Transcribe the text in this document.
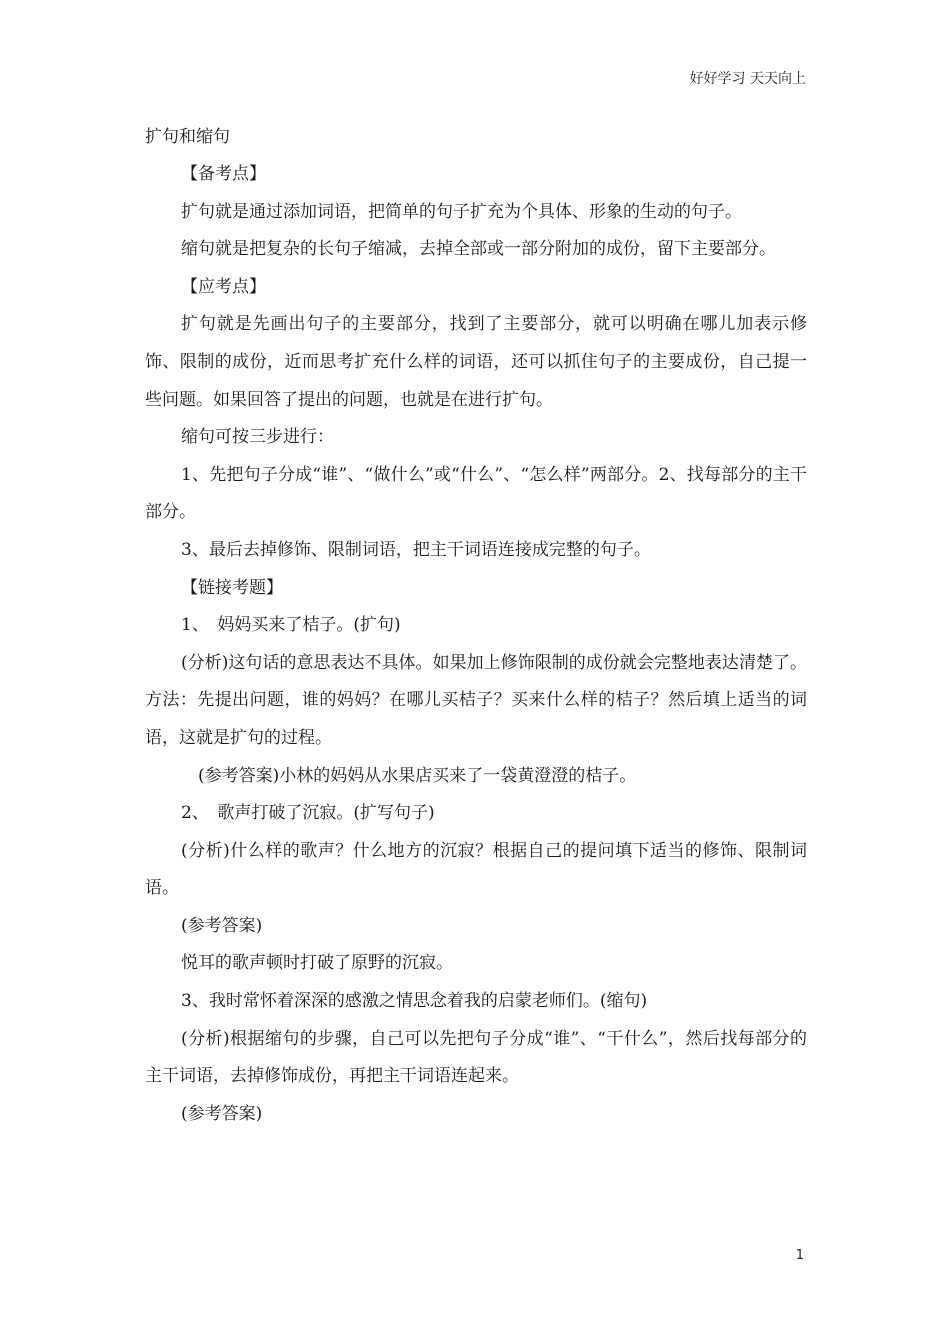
好好学习 天天向上
扩句和缩句

【备考点】

扩句就是通过添加词语，把简单的句子扩充为个具体、形象的生动的句子。

缩句就是把复杂的长句子缩减，去掉全部或一部分附加的成份，留下主要部分。

【应考点】

扩句就是先画出句子的主要部分，找到了主要部分，就可以明确在哪儿加表示修饰、限制的成份，近而思考扩充什么样的词语，还可以抓住句子的主要成份，自己提一些问题。如果回答了提出的问题，也就是在进行扩句。

缩句可按三步进行：

1、先把句子分成“谁”、“做什么”或“什么”、“怎么样”两部分。2、找每部分的主干部分。

3、最后去掉修饰、限制词语，把主干词语连接成完整的句子。

【链接考题】

1、　妈妈买来了桔子。(扩句)

(分析)这句话的意思表达不具体。如果加上修饰限制的成份就会完整地表达清楚了。方法：先提出问题，谁的妈妈？在哪儿买桔子？买来什么样的桔子？然后填上适当的词语，这就是扩句的过程。

　(参考答案)小林的妈妈从水果店买来了一袋黄澄澄的桔子。

2、　歌声打破了沉寂。(扩写句子)

(分析)什么样的歌声？什么地方的沉寂？根据自己的提问填下适当的修饰、限制词语。

(参考答案)

悦耳的歌声顿时打破了原野的沉寂。

3、我时常怀着深深的感激之情思念着我的启蒙老师们。(缩句)

(分析)根据缩句的步骤，自己可以先把句子分成“谁”、“干什么”，然后找每部分的主干词语，去掉修饰成份，再把主干词语连起来。

(参考答案)

1
